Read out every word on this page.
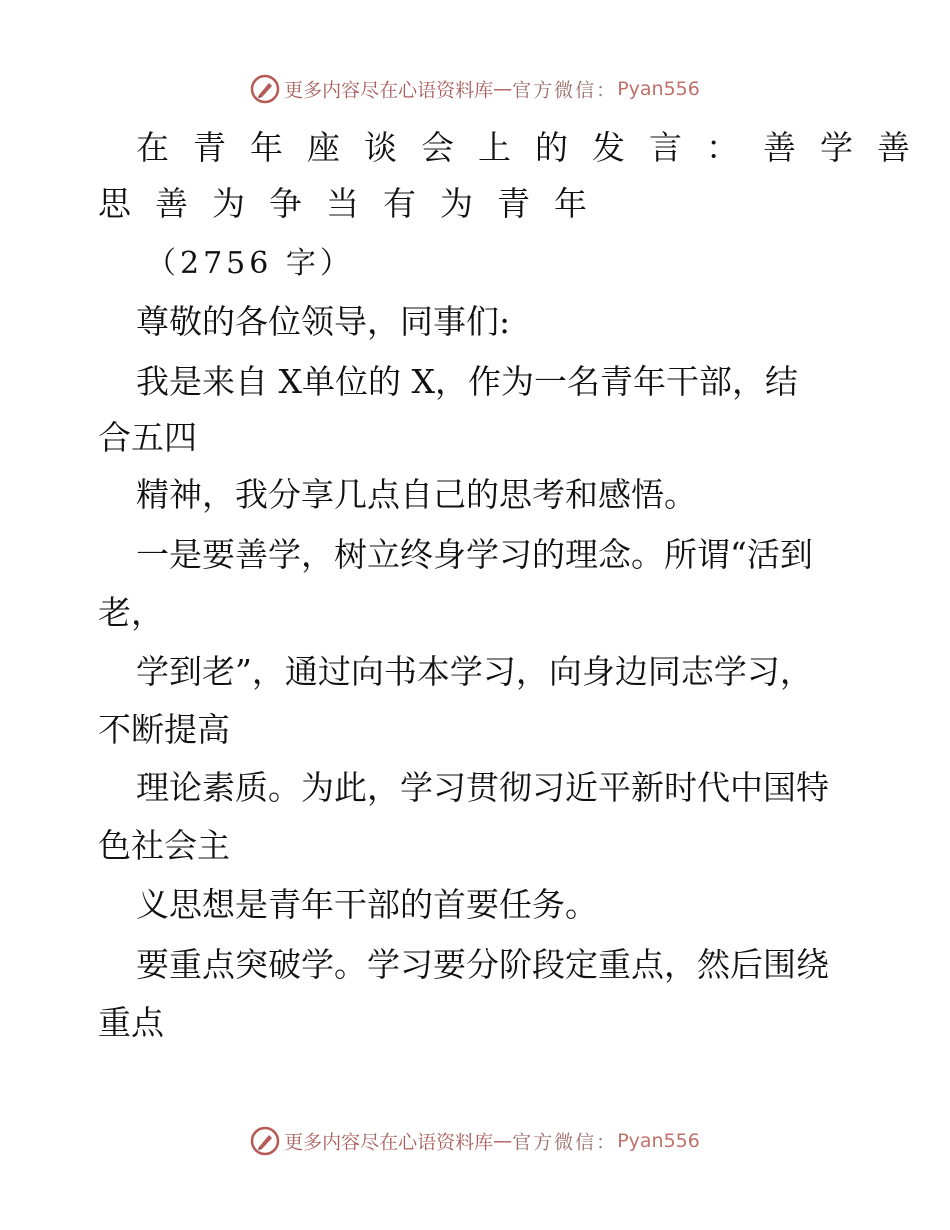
更多内容尽在心语资料库—官方微信：Pyan556
在青年座谈会上的发言：善学善
思善为争当有为青年
（2756 字）
尊敬的各位领导，同事们:
我是来自 X单位的 X，作为一名青年干部，结
合五四
精神，我分享几点自己的思考和感悟。
一是要善学，树立终身学习的理念。所谓“活到
老，
学到老”，通过向书本学习，向身边同志学习，
不断提高
理论素质。为此，学习贯彻习近平新时代中国特
色社会主
义思想是青年干部的首要任务。
要重点突破学。学习要分阶段定重点，然后围绕
重点
更多内容尽在心语资料库—官方微信：Pyan556
